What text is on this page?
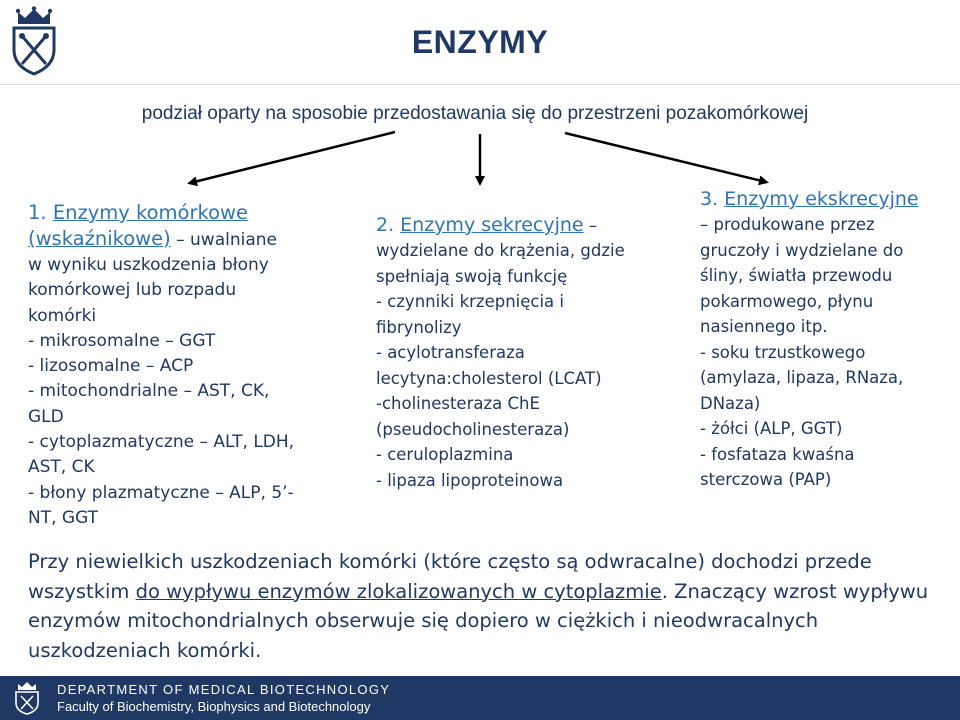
ENZYMY
podział oparty na sposobie przedostawania się do przestrzeni pozakomórkowej
1. Enzymy komórkowe
(wskaźnikowe) – uwalniane
w wyniku uszkodzenia błony
komórkowej lub rozpadu
komórki
- mikrosomalne – GGT
- lizosomalne – ACP
- mitochondrialne – AST, CK,
GLD
- cytoplazmatyczne – ALT, LDH,
AST, CK
- błony plazmatyczne – ALP, 5’-
NT, GGT
2. Enzymy sekrecyjne –
wydzielane do krążenia, gdzie
spełniają swoją funkcję
- czynniki krzepnięcia i
fibrynolizy
- acylotransferaza
lecytyna:cholesterol (LCAT)
-cholinesteraza ChE
(pseudocholinesteraza)
- ceruloplazmina
- lipaza lipoproteinowa
3. Enzymy ekskrecyjne
– produkowane przez
gruczoły i wydzielane do
śliny, światła przewodu
pokarmowego, płynu
nasiennego itp.
- soku trzustkowego
(amylaza, lipaza, RNaza,
DNaza)
- żółci (ALP, GGT)
- fosfataza kwaśna
sterczowa (PAP)
Przy niewielkich uszkodzeniach komórki (które często są odwracalne) dochodzi przede wszystkim do wypływu enzymów zlokalizowanych w cytoplazmie. Znaczący wzrost wypływu enzymów mitochondrialnych obserwuje się dopiero w ciężkich i nieodwracalnych uszkodzeniach komórki.
DEPARTMENT OF MEDICAL BIOTECHNOLOGY
Faculty of Biochemistry, Biophysics and Biotechnology
